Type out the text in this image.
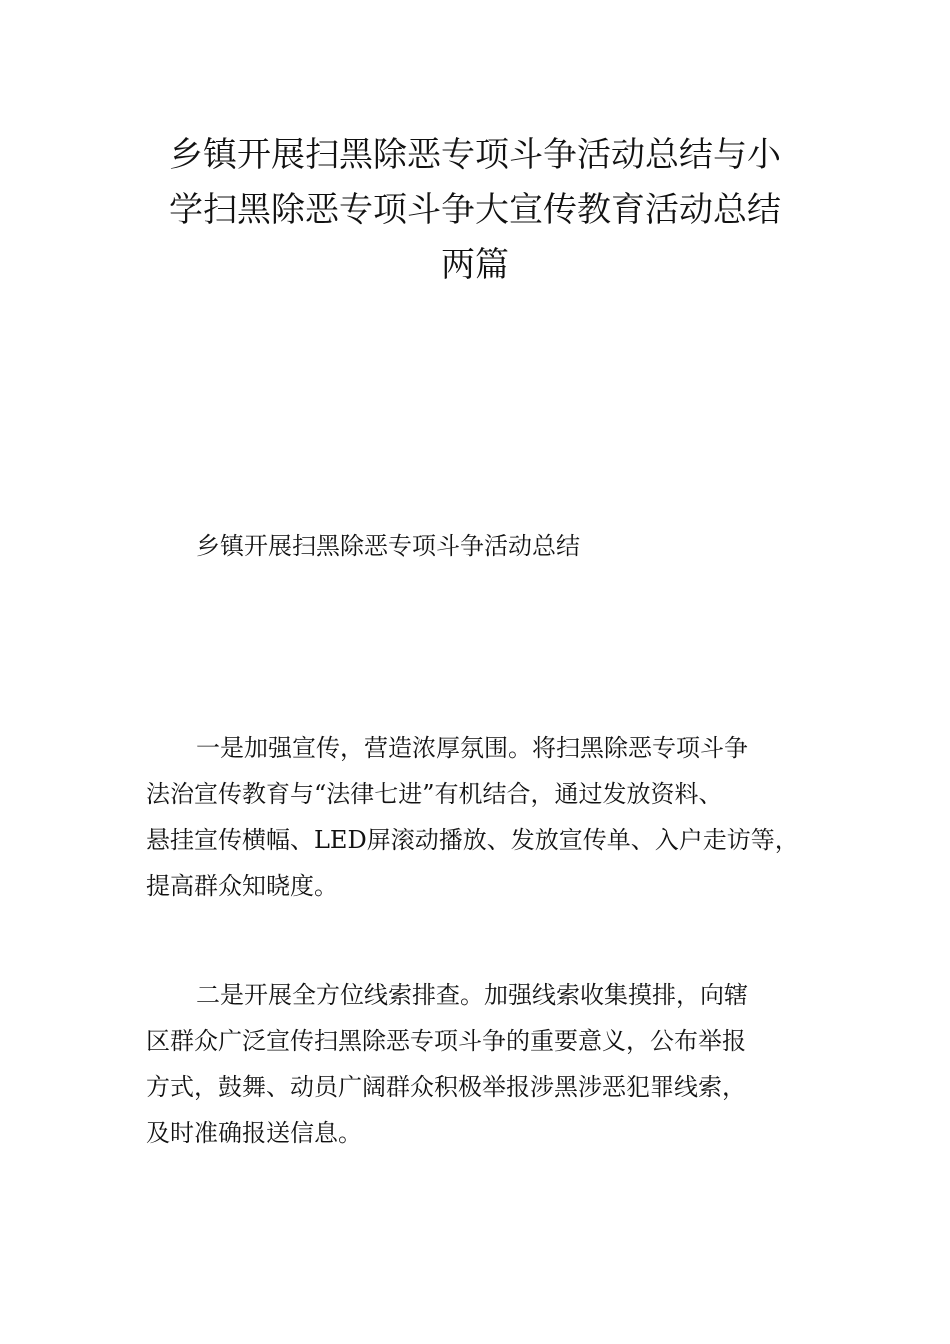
乡镇开展扫黑除恶专项斗争活动总结与小
学扫黑除恶专项斗争大宣传教育活动总结
两篇
乡镇开展扫黑除恶专项斗争活动总结
一是加强宣传，营造浓厚氛围。将扫黑除恶专项斗争
法治宣传教育与“法律七进”有机结合，通过发放资料、
悬挂宣传横幅、LED屏滚动播放、发放宣传单、入户走访等，
提高群众知晓度。
二是开展全方位线索排查。加强线索收集摸排，向辖
区群众广泛宣传扫黑除恶专项斗争的重要意义，公布举报
方式，鼓舞、动员广阔群众积极举报涉黑涉恶犯罪线索，
及时准确报送信息。
